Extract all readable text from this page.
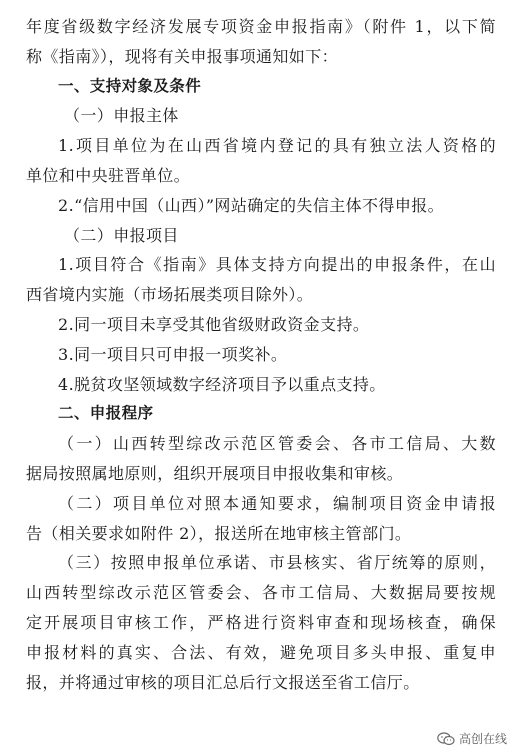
年度省级数字经济发展专项资金申报指南》（附件 1，以下简
称《指南》），现将有关申报事项通知如下：
一、支持对象及条件
（一）申报主体
1.项目单位为在山西省境内登记的具有独立法人资格的
单位和中央驻晋单位。
2.“信用中国（山西）”网站确定的失信主体不得申报。
（二）申报项目
1.项目符合《指南》具体支持方向提出的申报条件，在山
西省境内实施（市场拓展类项目除外）。
2.同一项目未享受其他省级财政资金支持。
3.同一项目只可申报一项奖补。
4.脱贫攻坚领域数字经济项目予以重点支持。
二、申报程序
（一）山西转型综改示范区管委会、各市工信局、大数
据局按照属地原则，组织开展项目申报收集和审核。
（二）项目单位对照本通知要求，编制项目资金申请报
告（相关要求如附件 2），报送所在地审核主管部门。
（三）按照申报单位承诺、市县核实、省厅统筹的原则，
山西转型综改示范区管委会、各市工信局、大数据局要按规
定开展项目审核工作，严格进行资料审查和现场核查，确保
申报材料的真实、合法、有效，避免项目多头申报、重复申
报，并将通过审核的项目汇总后行文报送至省工信厅。
高创在线
